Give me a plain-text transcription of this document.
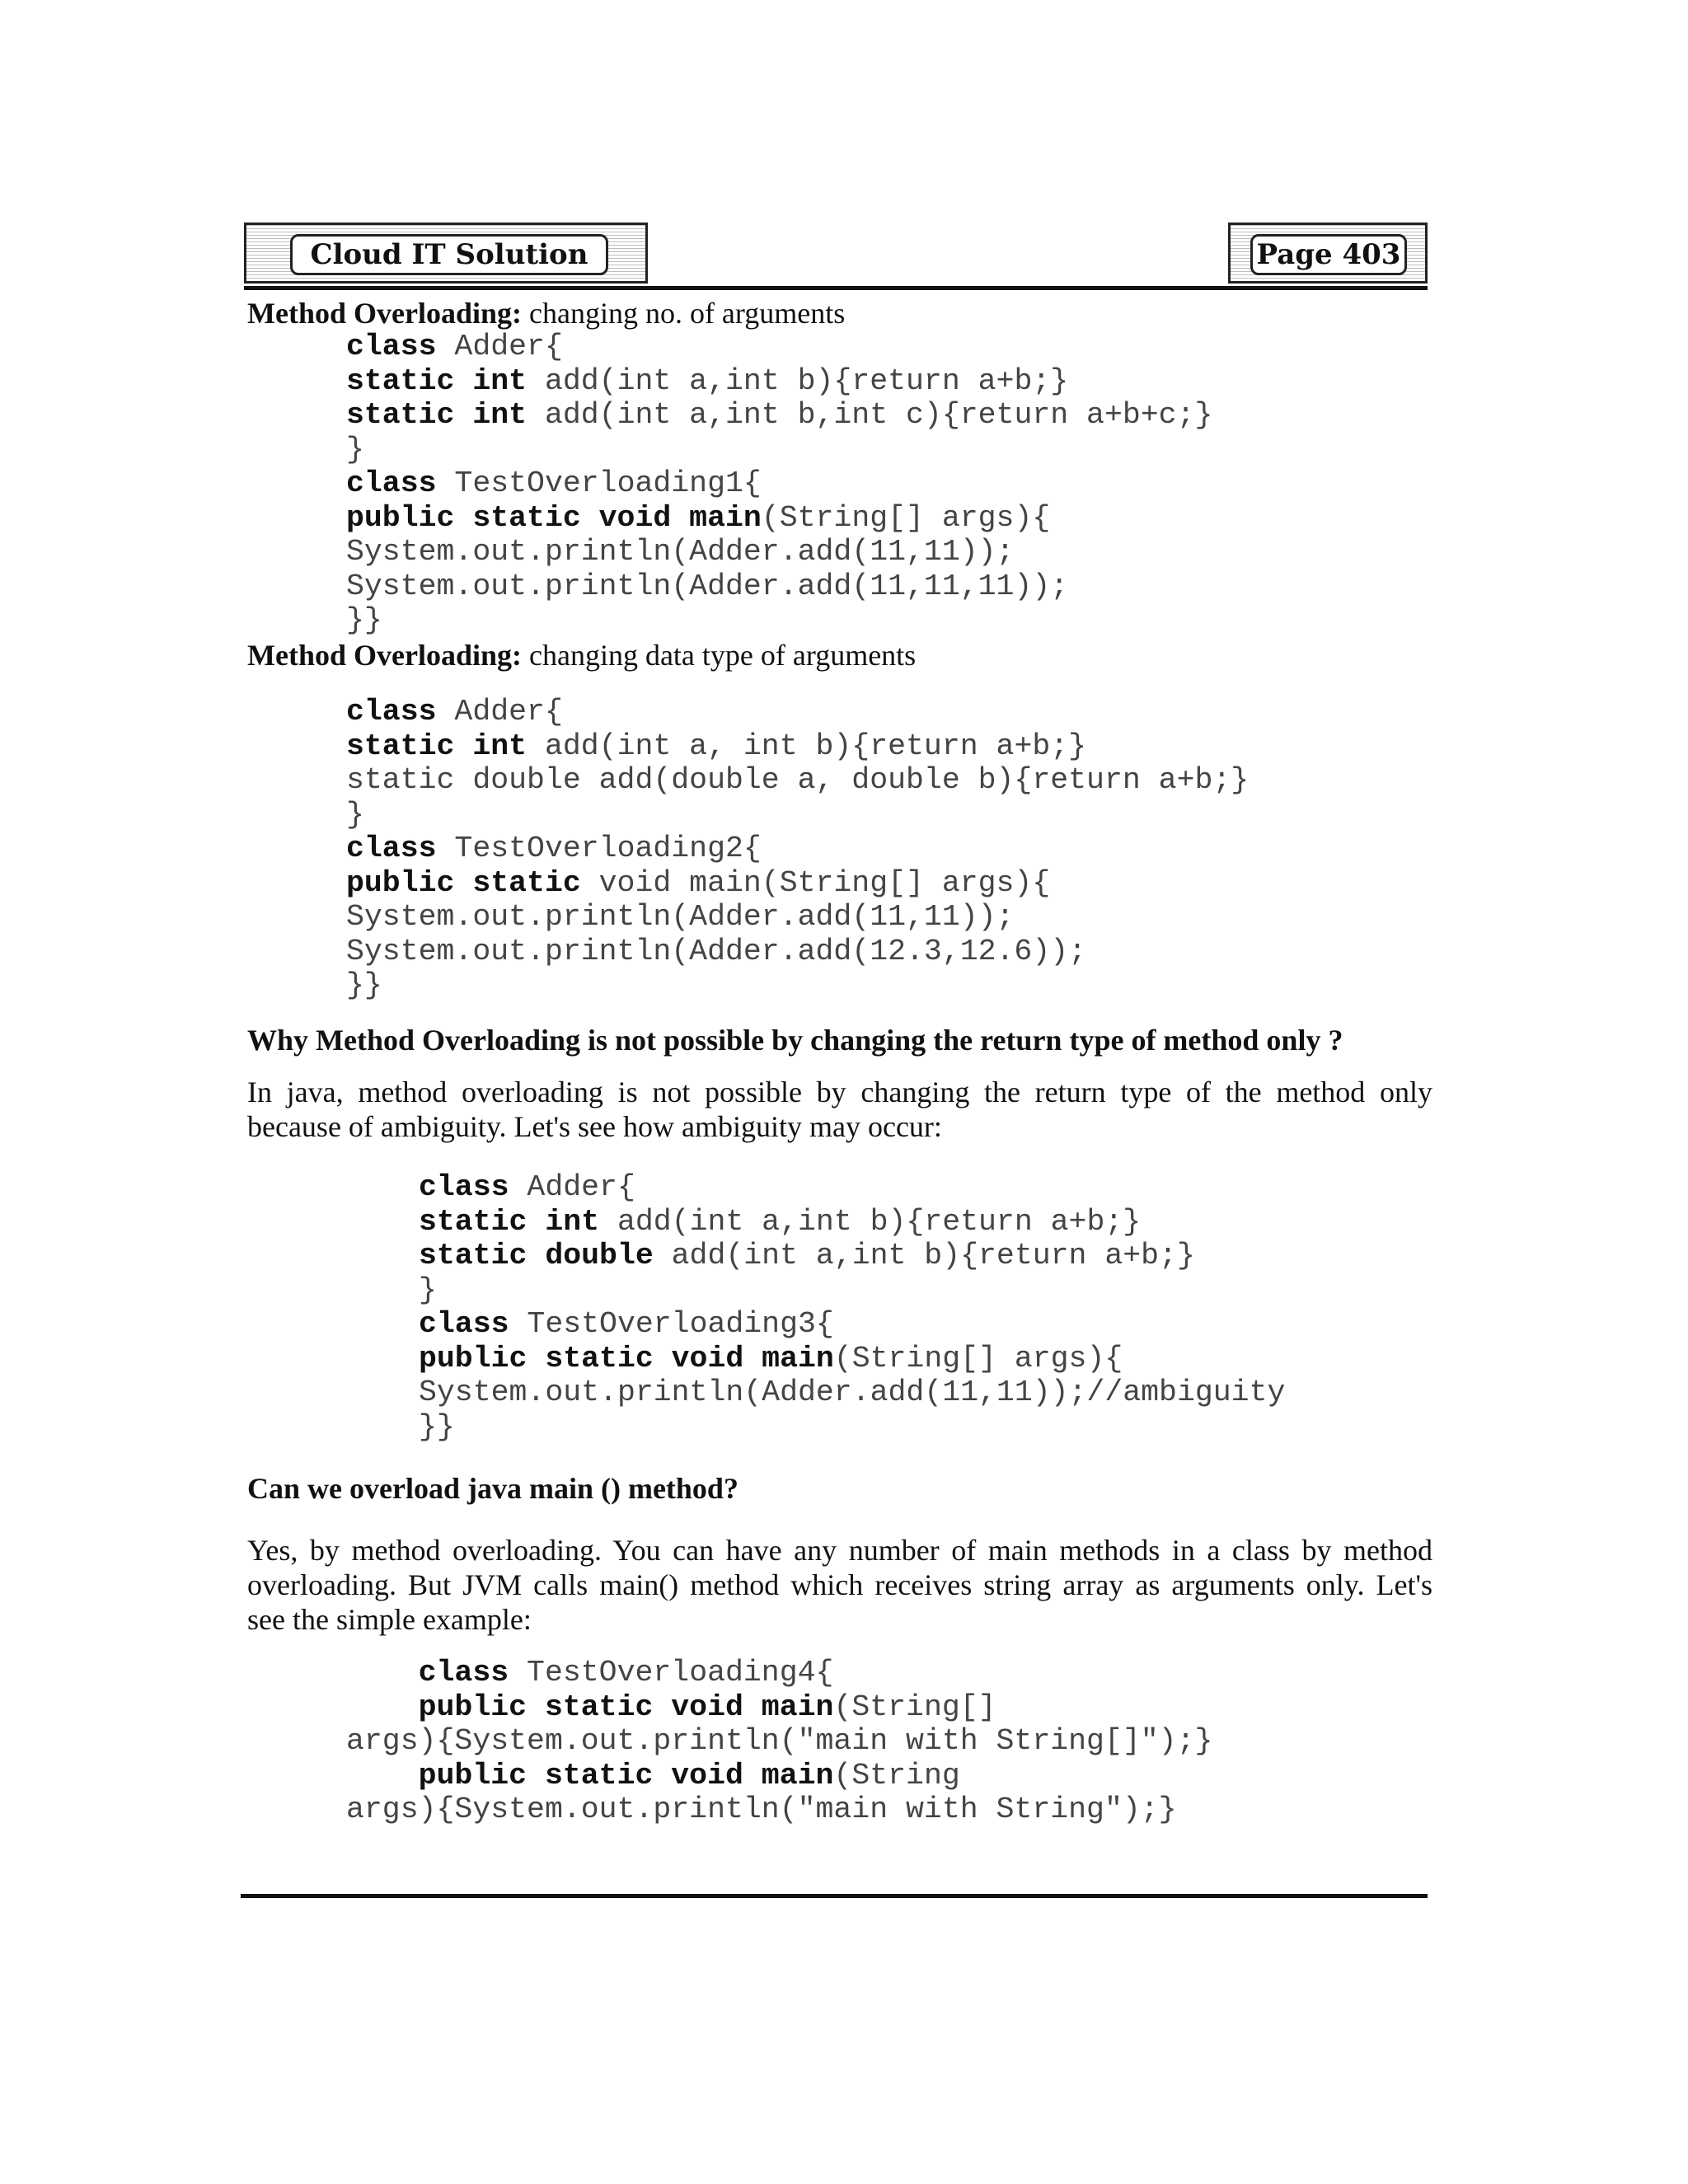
Cloud IT Solution	Page 403
Method Overloading: changing no. of arguments
class Adder{
static int add(int a,int b){return a+b;}
static int add(int a,int b,int c){return a+b+c;}
}
class TestOverloading1{
public static void main(String[] args){
System.out.println(Adder.add(11,11));
System.out.println(Adder.add(11,11,11));
}}
Method Overloading: changing data type of arguments
class Adder{
static int add(int a, int b){return a+b;}
static double add(double a, double b){return a+b;}
}
class TestOverloading2{
public static void main(String[] args){
System.out.println(Adder.add(11,11));
System.out.println(Adder.add(12.3,12.6));
}}
Why Method Overloading is not possible by changing the return type of method only ?
In java, method overloading is not possible by changing the return type of the method only
because of ambiguity. Let's see how ambiguity may occur:
class Adder{
static int add(int a,int b){return a+b;}
static double add(int a,int b){return a+b;}
}
class TestOverloading3{
public static void main(String[] args){
System.out.println(Adder.add(11,11));//ambiguity
}}
Can we overload java main () method?
Yes, by method overloading. You can have any number of main methods in a class by method
overloading. But JVM calls main() method which receives string array as arguments only. Let's
see the simple example:
class TestOverloading4{
public static void main(String[]
args){System.out.println("main with String[]");}
public static void main(String
args){System.out.println("main with String");}
